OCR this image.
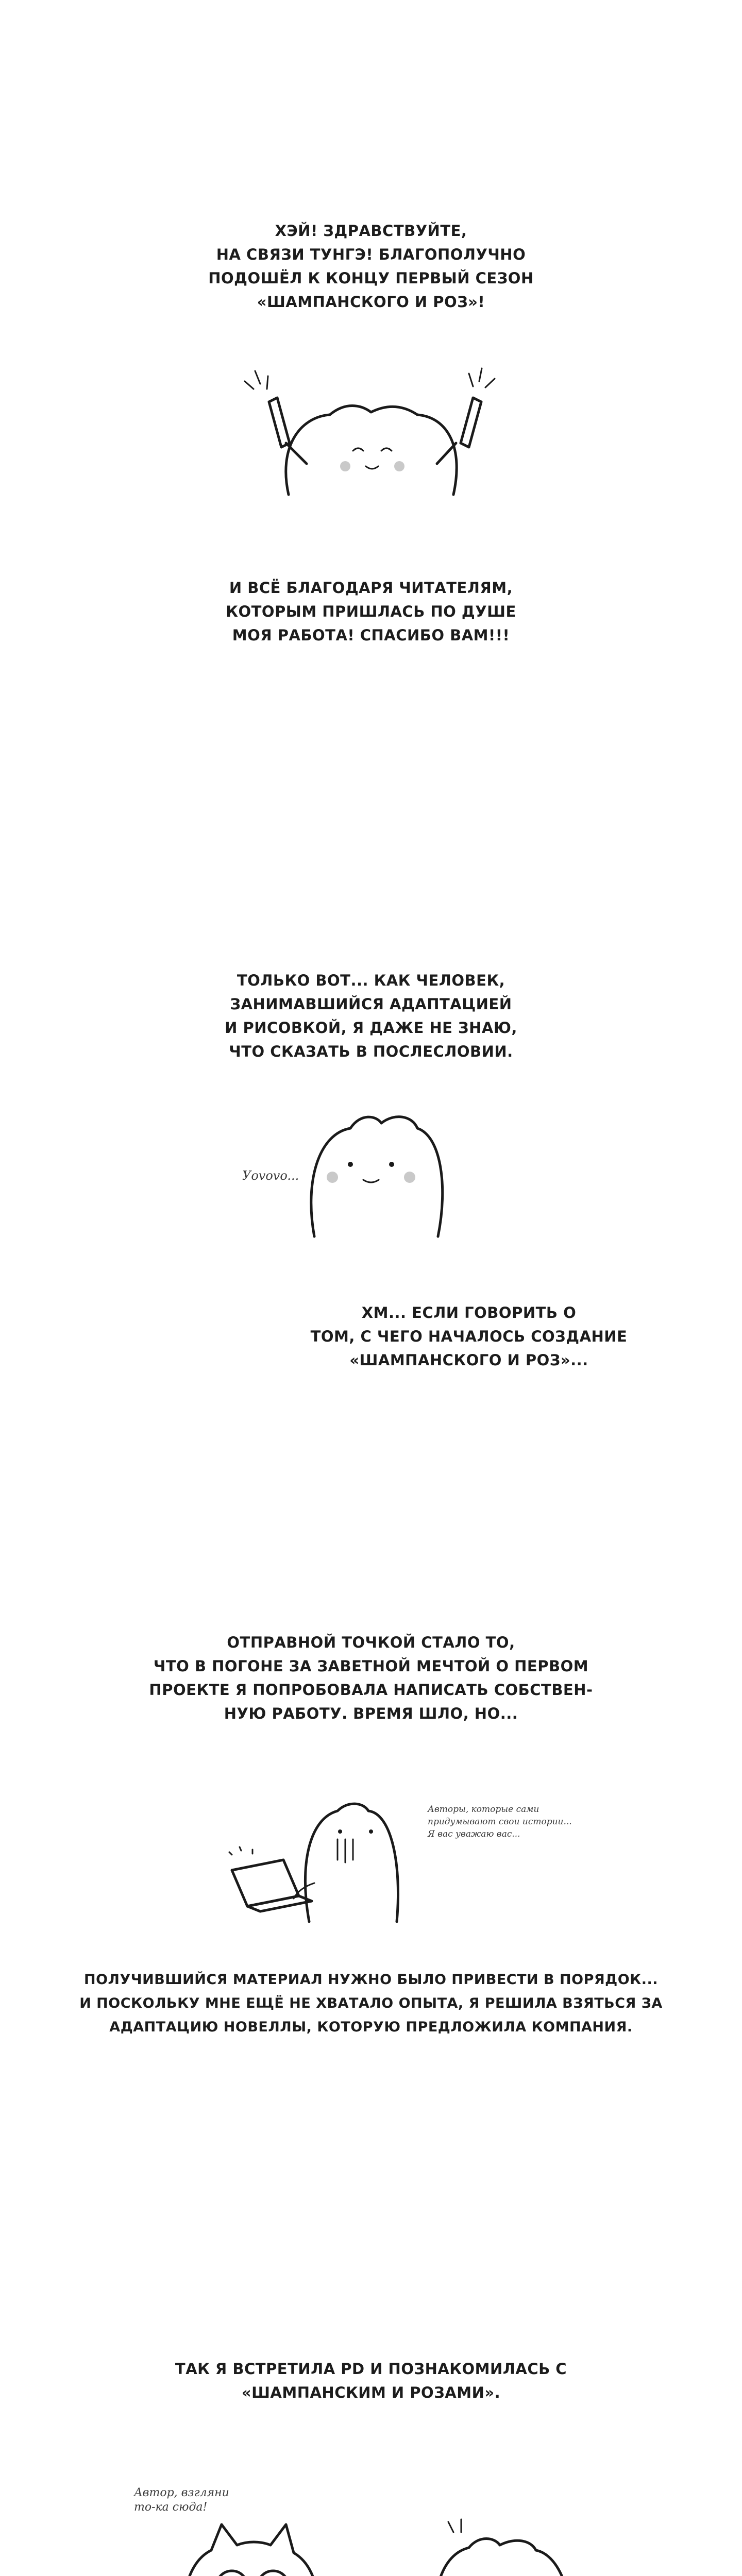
ХЭЙ! ЗДРАВСТВУЙТЕ,
НА СВЯЗИ ТУНГЭ! БЛАГОПОЛУЧНО
ПОДОШЁЛ К КОНЦУ ПЕРВЫЙ СЕЗОН
«ШАМПАНСКОГО И РОЗ»!
И ВСЁ БЛАГОДАРЯ ЧИТАТЕЛЯМ,
КОТОРЫМ ПРИШЛАСЬ ПО ДУШЕ
МОЯ РАБОТА! СПАСИБО ВАМ!!!
ТОЛЬКО ВОТ... КАК ЧЕЛОВЕК,
ЗАНИМАВШИЙСЯ АДАПТАЦИЕЙ
И РИСОВКОЙ, Я ДАЖЕ НЕ ЗНАЮ,
ЧТО СКАЗАТЬ В ПОСЛЕСЛОВИИ.
Уоvovo...
ХМ... ЕСЛИ ГОВОРИТЬ О
ТОМ, С ЧЕГО НАЧАЛОСЬ СОЗДАНИЕ
«ШАМПАНСКОГО И РОЗ»...
ОТПРАВНОЙ ТОЧКОЙ СТАЛО ТО,
ЧТО В ПОГОНЕ ЗА ЗАВЕТНОЙ МЕЧТОЙ О ПЕРВОМ
ПРОЕКТЕ Я ПОПРОБОВАЛА НАПИСАТЬ СОБСТВЕН-
НУЮ РАБОТУ. ВРЕМЯ ШЛО, НО...
Авторы, которые сами
придумывают свои истории...
Я вас уважаю вас...
ПОЛУЧИВШИЙСЯ МАТЕРИАЛ НУЖНО БЫЛО ПРИВЕСТИ В ПОРЯДОК...
И ПОСКОЛЬКУ МНЕ ЕЩЁ НЕ ХВАТАЛО ОПЫТА, Я РЕШИЛА ВЗЯТЬСЯ ЗА
АДАПТАЦИЮ НОВЕЛЛЫ, КОТОРУЮ ПРЕДЛОЖИЛА КОМПАНИЯ.
ТАК Я ВСТРЕТИЛА PD И ПОЗНАКОМИЛАСЬ С
«ШАМПАНСКИМ И РОЗАМИ».
Автор, взгляни
то-ка сюда!
